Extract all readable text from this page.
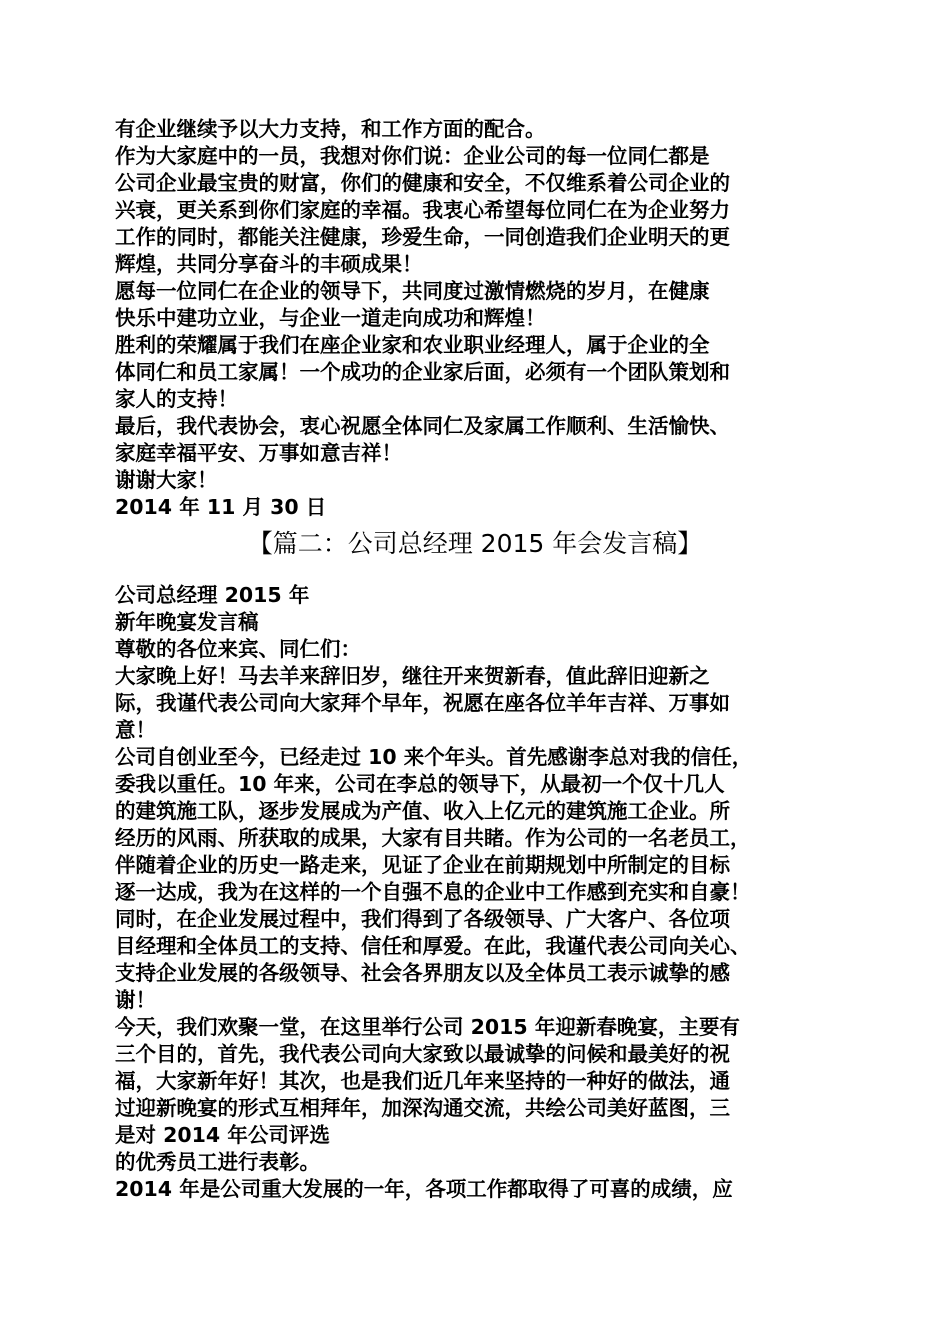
有企业继续予以大力支持，和工作方面的配合。
作为大家庭中的一员，我想对你们说：企业公司的每一位同仁都是
公司企业最宝贵的财富，你们的健康和安全，不仅维系着公司企业的
兴衰，更关系到你们家庭的幸福。我衷心希望每位同仁在为企业努力
工作的同时，都能关注健康，珍爱生命，一同创造我们企业明天的更
辉煌，共同分享奋斗的丰硕成果！
愿每一位同仁在企业的领导下，共同度过激情燃烧的岁月，在健康
快乐中建功立业，与企业一道走向成功和辉煌！
胜利的荣耀属于我们在座企业家和农业职业经理人，属于企业的全
体同仁和员工家属！一个成功的企业家后面，必须有一个团队策划和
家人的支持！
最后，我代表协会，衷心祝愿全体同仁及家属工作顺利、生活愉快、
家庭幸福平安、万事如意吉祥！
谢谢大家！
2014 年 11 月 30 日
【篇二：公司总经理 2015 年会发言稿】
公司总经理 2015 年
新年晚宴发言稿
尊敬的各位来宾、同仁们：
大家晚上好！马去羊来辞旧岁，继往开来贺新春，值此辞旧迎新之
际，我谨代表公司向大家拜个早年，祝愿在座各位羊年吉祥、万事如
意！
公司自创业至今，已经走过 10 来个年头。首先感谢李总对我的信任，
委我以重任。10 年来，公司在李总的领导下，从最初一个仅十几人
的建筑施工队，逐步发展成为产值、收入上亿元的建筑施工企业。所
经历的风雨、所获取的成果，大家有目共睹。作为公司的一名老员工，
伴随着企业的历史一路走来，见证了企业在前期规划中所制定的目标
逐一达成，我为在这样的一个自强不息的企业中工作感到充实和自豪！
同时，在企业发展过程中，我们得到了各级领导、广大客户、各位项
目经理和全体员工的支持、信任和厚爱。在此，我谨代表公司向关心、
支持企业发展的各级领导、社会各界朋友以及全体员工表示诚挚的感
谢！
今天，我们欢聚一堂，在这里举行公司 2015 年迎新春晚宴，主要有
三个目的，首先，我代表公司向大家致以最诚挚的问候和最美好的祝
福，大家新年好！其次，也是我们近几年来坚持的一种好的做法，通
过迎新晚宴的形式互相拜年，加深沟通交流，共绘公司美好蓝图，三
是对 2014 年公司评选
的优秀员工进行表彰。
2014 年是公司重大发展的一年，各项工作都取得了可喜的成绩，应
